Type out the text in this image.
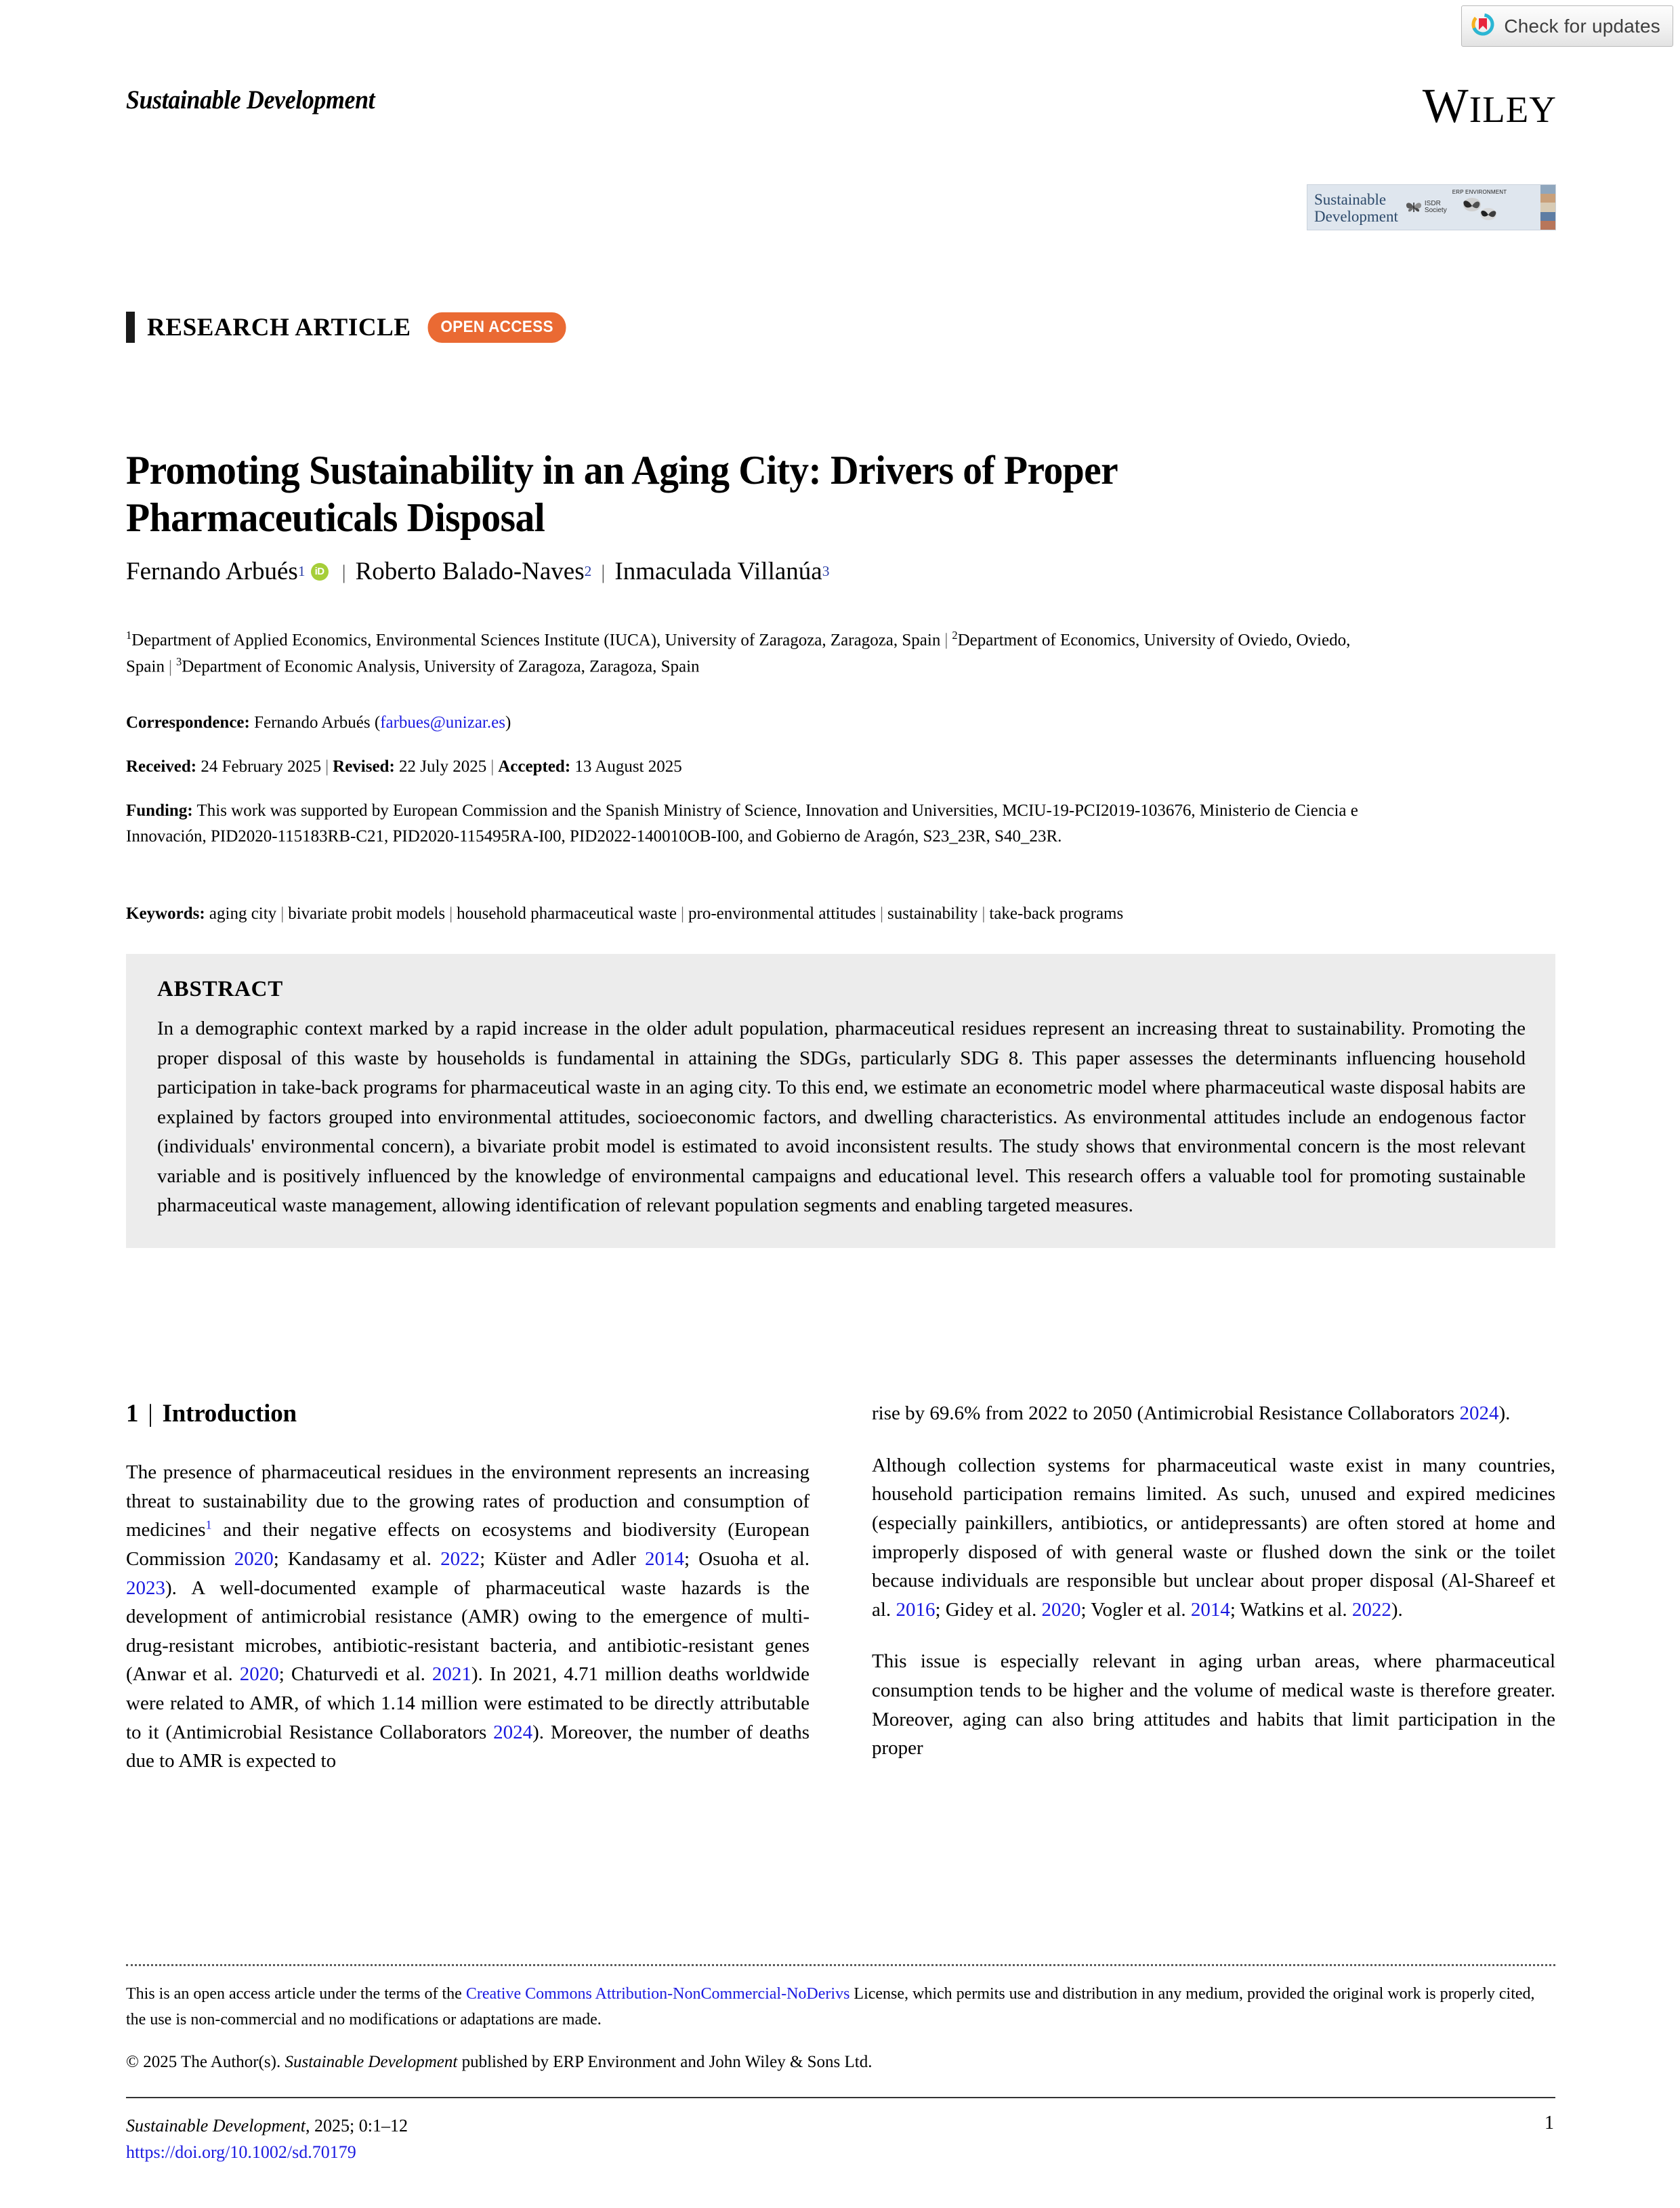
Check for updates
Sustainable Development	WILEY
Sustainable
Development
ISDR
Society
ERP ENVIRONMENT
RESEARCH ARTICLE	OPEN ACCESS
Promoting Sustainability in an Aging City: Drivers of Proper Pharmaceuticals Disposal
Fernando Arbués 1 iD | Roberto Balado-Naves 2 | Inmaculada Villanúa 3
$^1$Department of Applied Economics, Environmental Sciences Institute (IUCA), University of Zaragoza, Zaragoza, Spain | $^2$Department of Economics, University of Oviedo, Oviedo, Spain | $^3$Department of Economic Analysis, University of Zaragoza, Zaragoza, Spain
Correspondence: Fernando Arbués (farbues@unizar.es)
Received: 24 February 2025 | Revised: 22 July 2025 | Accepted: 13 August 2025
Funding: This work was supported by European Commission and the Spanish Ministry of Science, Innovation and Universities, MCIU-19-PCI2019-103676, Ministerio de Ciencia e Innovación, PID2020-115183RB-C21, PID2020-115495RA-I00, PID2022-140010OB-I00, and Gobierno de Aragón, S23_23R, S40_23R.
Keywords: aging city | bivariate probit models | household pharmaceutical waste | pro-environmental attitudes | sustainability | take-back programs
ABSTRACT
In a demographic context marked by a rapid increase in the older adult population, pharmaceutical residues represent an increasing threat to sustainability. Promoting the proper disposal of this waste by households is fundamental in attaining the SDGs, particularly SDG 8. This paper assesses the determinants influencing household participation in take-back programs for pharmaceutical waste in an aging city. To this end, we estimate an econometric model where pharmaceutical waste disposal habits are explained by factors grouped into environmental attitudes, socioeconomic factors, and dwelling characteristics. As environmental attitudes include an endogenous factor (individuals' environmental concern), a bivariate probit model is estimated to avoid inconsistent results. The study shows that environmental concern is the most relevant variable and is positively influenced by the knowledge of environmental campaigns and educational level. This research offers a valuable tool for promoting sustainable pharmaceutical waste management, allowing identification of relevant population segments and enabling targeted measures.
1 | Introduction

The presence of pharmaceutical residues in the environment represents an increasing threat to sustainability due to the growing rates of production and consumption of medicines$^1$ and their negative effects on ecosystems and biodiversity (European Commission 2020; Kandasamy et al. 2022; Küster and Adler 2014; Osuoha et al. 2023). A well-documented example of pharmaceutical waste hazards is the development of antimicrobial resistance (AMR) owing to the emergence of multi-drug-resistant microbes, antibiotic-resistant bacteria, and antibiotic-resistant genes (Anwar et al. 2020; Chaturvedi et al. 2021). In 2021, 4.71 million deaths worldwide were related to AMR, of which 1.14 million were estimated to be directly attributable to it (Antimicrobial Resistance Collaborators 2024). Moreover, the number of deaths due to AMR is expected to

rise by 69.6% from 2022 to 2050 (Antimicrobial Resistance Collaborators 2024).

Although collection systems for pharmaceutical waste exist in many countries, household participation remains limited. As such, unused and expired medicines (especially painkillers, antibiotics, or antidepressants) are often stored at home and improperly disposed of with general waste or flushed down the sink or the toilet because individuals are responsible but unclear about proper disposal (Al-Shareef et al. 2016; Gidey et al. 2020; Vogler et al. 2014; Watkins et al. 2022).

This issue is especially relevant in aging urban areas, where pharmaceutical consumption tends to be higher and the volume of medical waste is therefore greater. Moreover, aging can also bring attitudes and habits that limit participation in the proper

This is an open access article under the terms of the Creative Commons Attribution-NonCommercial-NoDerivs License, which permits use and distribution in any medium, provided the original work is properly cited, the use is non-commercial and no modifications or adaptations are made.
© 2025 The Author(s). Sustainable Development published by ERP Environment and John Wiley & Sons Ltd.
Sustainable Development, 2025; 0:1–12
https://doi.org/10.1002/sd.70179
1
